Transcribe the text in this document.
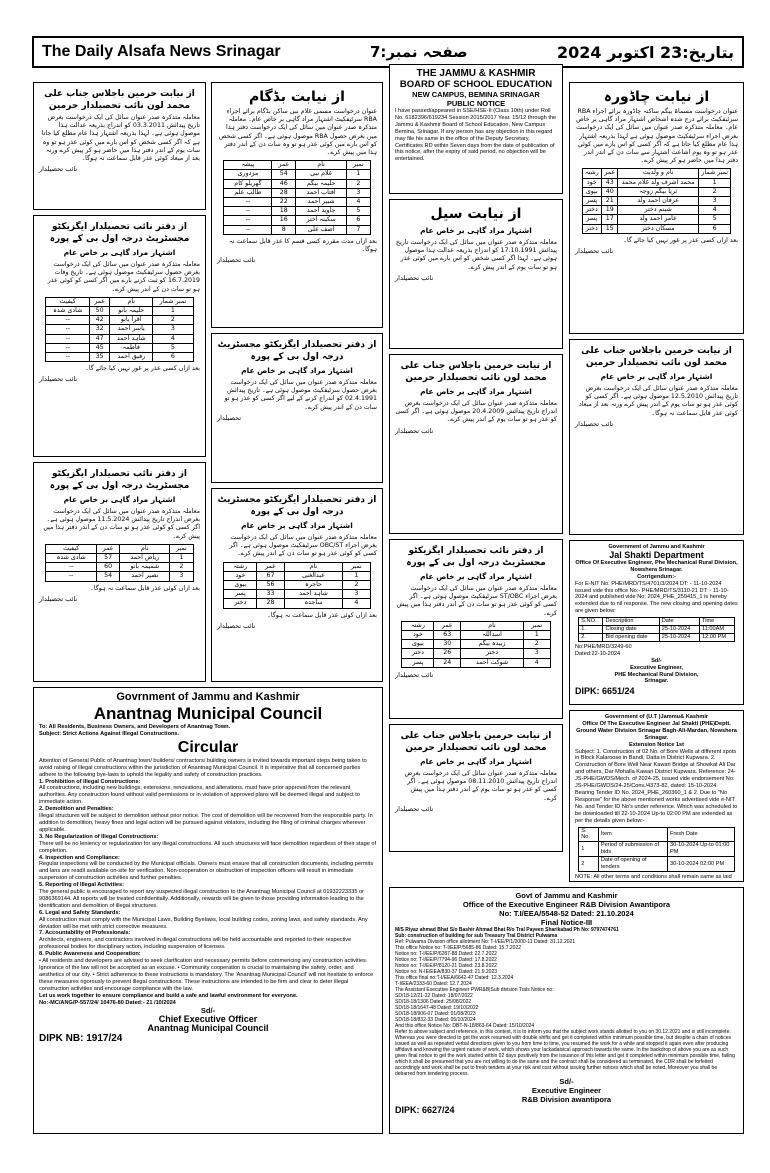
The Daily Alsafa News Srinagar	صفحہ نمبر:7	بتاریخ:23 اکتوبر 2024
از نیابت حرمین باجلاس جناب علی محمد لون نائب تحصیلدار حرمین

معاملہ متذکرہ صدر عنوان سائل کی ایک درخواست بغرض تاریخ پیدائش 03.3.2011 کو اندراج بذریعہ عدالت ہذا موصول ہوئی ہے۔ لہذا بذریعہ اشتہار ہذا عام مطلع کیا جاتا ہے کہ اگر کسی شخص کو اس بارے میں کوئی عذر ہو تو وہ سات یوم کے اندر دفتر ہذا میں حاضر ہو کر پیش کرے ورنہ بعد از میعاد کوئی عذر قابل سماعت نہ ہوگا۔

نائب تحصیلدار
از دفتر نائب تحصیلدار ایگزیکٹو مجسٹریٹ درجہ اول بی کے پورہ
اشتہار مراد گاہی بر خاص عام

معاملہ متذکرہ صدر عنوان میں سائل کی ایک درخواست بغرض حصول سرٹیفکیٹ موصول ہوئی ہے۔ تاریخ وفات 16.7.2019 کو ثبت کرنے بارے میں اگر کسی کو کوئی عذر ہو تو سات دن کے اندر پیش کرے۔

نمبر شمار	نام	عمر	کیفیت
1	حلیمہ بانو	50	شادی شدہ
2	اقرا بانو	42	--
3	یاسر احمد	32	--
4	شاہد احمد	47	--
5	فاطمہ	45	--
6	رفیق احمد	35	--

بعد ازاں کسی عذر پر غور نہیں کیا جائے گا۔

نائب تحصیلدار
از دفتر نائب تحصیلدار ایگزیکٹو مجسٹریٹ درجہ اول بی کے پورہ
اشتہار مراد گاہی بر خاص عام

معاملہ متذکرہ صدر عنوان میں سائل کی ایک درخواست بغرض اندراج تاریخ پیدائش 11.5.2024 موصول ہوئی ہے۔ اگر کسی کو کوئی عذر ہو تو سات دن کے اندر دفتر ہذا میں پیش کرے۔

نمبر	نام	عمر	کیفیت
1	ریاض احمد	57	شادی شدہ
2	شمیمہ بانو	60	--
3	نصیر احمد	54	--

بعد ازاں کوئی عذر قابل سماعت نہ ہوگا۔

نائب تحصیلدار
از نیابت بڈگام

عنوان درخواست مسمی غلام نبی ساکن بڈگام برائے اجراء RBA سرٹیفکیٹ اشتہار مراد گاہی بر خاص عام۔ معاملہ متذکرہ صدر عنوان میں سائل کی ایک درخواست دفتر ہذا میں بغرض حصول RBA موصول ہوئی ہے۔ اگر کسی شخص کو اس بارے میں کوئی عذر ہو تو وہ سات دن کے اندر دفتر ہذا میں پیش کرے۔

نمبر	نام	عمر	پیشہ
1	غلام نبی	54	مزدوری
2	حلیمہ بیگم	46	گھریلو کام
3	آفتاب احمد	28	طالب علم
4	شبیر احمد	22	--
5	جاوید احمد	18	--
6	سکینہ اختر	16	--
7	آصف علی	8	--

بعد ازاں مدت مقررہ کسی قسم کا عذر قابل سماعت نہ ہوگا۔

نائب تحصیلدار
از دفتر تحصیلدار ایگزیکٹو مجسٹریٹ درجہ اول بی کے پورہ
اشتہار مراد گاہی بر خاص عام

معاملہ متذکرہ صدر عنوان میں سائل کی ایک درخواست بغرض حصول سرٹیفکیٹ موصول ہوئی ہے۔ تاریخ پیدائش 02.4.1991 کو اندراج کرنے کے لیے اگر کسی کو عذر ہو تو سات دن کے اندر پیش کرے۔

تحصیلدار
از دفتر تحصیلدار ایگزیکٹو مجسٹریٹ درجہ اول بی کے پورہ
اشتہار مراد گاہی بر خاص عام

معاملہ متذکرہ صدر عنوان میں سائل کی ایک درخواست بغرض اجراء OBC/ST سرٹیفکیٹ موصول ہوئی ہے۔ اگر کسی کو کوئی عذر ہو تو سات دن کے اندر پیش کرے۔

نمبر	نام	عمر	رشتہ
1	عبدالغنی	67	خود
2	حاجرہ	56	بیوی
3	شاہد احمد	33	پسر
4	ساجدہ	28	دختر

بعد ازاں کوئی عذر قابل سماعت نہ ہوگا۔

نائب تحصیلدار
THE JAMMU & KASHMIR
BOARD OF SCHOOL EDUCATION
NEW CAMPUS, BEMINA SRINAGAR
PUBLIC NOTICE

I have passed/appeared in SSE/HSE-II (Class 10th) under Roll No. 6182396/619234 Session 2015/2017 Year. 15/12 through the Jammu & Kashmir Board of School Education, New Campus Bemina, Srinagar. If any person has any objection in this regard may file his same in the office of the Deputy Secretary, Certificates RD within Seven days from the date of publication of this notice, after the expiry of said period, no objection will be entertained.

از نیابت سیل
اشتہار مراد گاہی بر خاص عام

معاملہ متذکرہ صدر عنوان میں سائل کی ایک درخواست تاریخ پیدائش 17.10.1991 کو اندراج بذریعہ عدالت ہذا موصول ہوئی ہے۔ لہذا اگر کسی شخص کو اس بارے میں کوئی عذر ہو تو سات یوم کے اندر پیش کرے۔

نائب تحصیلدار
از نیابت حرمین باجلاس جناب علی محمد لون نائب تحصیلدار حرمین
اشتہار مراد گاہی بر خاص عام

معاملہ متذکرہ صدر عنوان سائل کی ایک درخواست بغرض اندراج تاریخ پیدائش 20.4.2009 موصول ہوئی ہے۔ اگر کسی کو عذر ہو تو سات یوم کے اندر پیش کرے۔

نائب تحصیلدار
از دفتر نائب تحصیلدار ایگزیکٹو مجسٹریٹ درجہ اول بی کے پورہ
اشتہار مراد گاہی بر خاص عام

معاملہ متذکرہ صدر عنوان میں سائل کی ایک درخواست بغرض اجراء ST/OBC سرٹیفکیٹ موصول ہوئی ہے۔ اگر کسی کو کوئی عذر ہو تو سات دن کے اندر دفتر ہذا میں پیش کرے۔

نمبر	نام	عمر	رشتہ
1	اسداللہ	63	خود
2	زبیدہ بیگم	30	بیوی
3	دختر	26	دختر
4	شوکت احمد	24	پسر
نائب تحصیلدار
از نیابت حرمین باجلاس جناب علی محمد لون نائب تحصیلدار حرمین
اشتہار مراد گاہی بر خاص عام

معاملہ متذکرہ صدر عنوان سائل کی ایک درخواست بغرض اندراج تاریخ پیدائش 08.11.2010 موصول ہوئی ہے۔ اگر کسی کو عذر ہو تو سات یوم کے اندر دفتر ہذا میں پیش کرے۔

نائب تحصیلدار
از نیابت چاڈورہ

عنوان درخواست مسماۃ بیگم ساکنہ چاڈورہ برائے اجراء RBA سرٹیفکیٹ برائے درج شدہ اشخاص اشتہار مراد گاہی بر خاص عام۔ معاملہ متذکرہ صدر عنوان میں سائل کی ایک درخواست بغرض اجراء سرٹیفکیٹ موصول ہوئی ہے لہذا بذریعہ اشتہار ہذا عام مطلع کیا جاتا ہے کہ اگر کسی کو اس بارے میں کوئی عذر ہو تو وہ یوم اشاعت اشتہار سے سات دن کے اندر اندر دفتر ہذا میں حاضر ہو کر پیش کرے۔

نمبر شمار	نام و ولدیت	عمر	رشتہ
1	محمد اشرف ولد غلام محمد	43	خود
2	ثریا بیگم زوجہ	40	بیوی
3	عرفان احمد ولد	21	پسر
4	شبنم دختر	19	دختر
5	عامر احمد ولد	17	پسر
6	مسکان دختر	15	دختر

بعد ازاں کسی عذر پر غور نہیں کیا جائے گا۔

نائب تحصیلدار
از نیابت حرمین باجلاس جناب علی محمد لون نائب تحصیلدار حرمین
اشتہار مراد گاہی بر خاص عام

معاملہ متذکرہ صدر عنوان سائل کی ایک درخواست بغرض تاریخ پیدائش 12.5.2010 موصول ہوئی ہے۔ اگر کسی کو کوئی عذر ہو تو سات یوم کے اندر پیش کرے ورنہ بعد از میعاد کوئی عذر قابل سماعت نہ ہوگا۔

نائب تحصیلدار
Government of Jammu and Kashmir
Jal Shakti Department
Office Of Executive Engineer, Phe Mechanical Rural Division, Nowshera Srinagar.
Corrigendum:-

For E-NIT No. PHE/MRD/TS/4701/3/2024 DT: - 11-10-2024 issued vide this office No:- PHE/MRD/TS/3110-21 DT: - 11-10-2024 and published vide No: 2024_PHE_259415_1 is hereby extended due to nil response. The new closing and opening dates are given below:

S.NO.	Description	Date	Time
1.	Closing date	25-10-2024	11:00AM
2.	Bid opening date	25-10-2024	12:00 PM
No:PHE/MRD/3249-60
Dated:22-10-2024
Sd/-
Executive Engineer,
PHE Mechanical Rural Division,
Srinagar.
DIPK: 6651/24
Government of (U.T )Jammu& Kashmir
Office Of The Executive Engineer Jal Shakti (PHE)Deptt. Ground Water Division Srinagar Bagh-Ali-Mardan, Nowshera Srinagar.
Extension Notice 1st

Subject: 1. Construction of 02 No. of Bore Wells at different spots in Block Kalaroose in Bandi, Datta in District Kupwara. 2. Construction of Bore Well Near Kawari Bridge at Showkat Ali Dar and others, Dar Mohalla Kawari District Kupwara. Reference: 24-JS-PHE/GWDS/Mech. of 2024-25, issued vide endorsement No: JS-PHE/GWDS/24-25/Conv./4373-82, dated: 15-10-2024. Bearing Tender ID No. 2024_PHE_260360_1 & 2. Due to "No Response" for the above mentioned works advertised vide e-NIT No. and Tender ID No's under reference. Which was scheduled to be downloaded till 22-10-2024 Up-to 02:00 PM are extended as per the details given below:-

S. No.	Item	Fresh Date
1	Period of submission of bids	30-10-2024 Up-to 01:00 PM
2	Date of opening of tenders	30-10-2024 02:00 PM

NOTE: All other terms and conditions shall remain same as laid

Govrnment of Jammu and Kashmir
Anantnag Municipal Council
To: All Residents, Business Owners, and Developers of Anantnag Town.
Subject: Strict Actions Against Illegal Constructions.
Circular

Attention of General Public of Anantnag town/ builders/ contractors/ building owners is invited towards important steps being taken to avoid raising of illegal constructions within the jurisdiction of Anantnag Municipal Council. It is imperative that all concerned parties adhere to the following bye-laws to uphold the legality and safety of construction practices.

1. Prohibition of Illegal Constructions:
All constructions, including new buildings, extensions, renovations, and alterations, must have prior approval from the relevant authorities. Any construction found without valid permissions or in violation of approved plans will be deemed illegal and subject to immediate action.
2. Demolition and Penalties:
Illegal structures will be subject to demolition without prior notice. The cost of demolition will be recovered from the responsible party. In addition to demolition, heavy fines and legal action will be pursued against violators, including the filing of criminal charges wherever applicable.
3. No Regularization of Illegal Constructions:
There will be no leniency or regularization for any illegal constructions. All such structures will face demolition regardless of their stage of completion.
4. Inspection and Compliance:
Regular inspections will be conducted by the Municipal officials. Owners must ensure that all construction documents, including permits and lans are readil available on-site for verification. Non-cooperation or obstruction of inspection officers will result in immediate suspension of construction activities and further penalties.
5. Reporting of Illegal Activities:
The general public is encouraged to report any suspected illegal construction to the Anantnag Municipal Council at 01932223335 or 9086369144. All reports will be treated confidentially. Additionally, rewards will be given to those providing information leading to the identification and demolition of illegal structures.
6. Legal and Safety Standards:
All construction must comply with the Municipal Laws, Building Byelaws, local building codes, zoning laws, and safety standards. Any deviation will be met with strict corrective measures.
7. Accountability of Professionals:
Architects, engineers, and contractors involved in illegal constructions will be held accountable and reported to their respective professional bodies for disciplinary action, including suspension of licenses.
8. Public Awareness and Cooperation:
• All residents and developers are advised to seek clarification and necessary permits before commencing any construction activities. Ignorance of the law will not be accepted as an excuse. • Community cooperation is crucial to maintaining the safety, order, and aesthetics of our city. • Strict adherence to these instructions is mandatory. The 'Anantnag Municipal Council' will not hesitate to enforce these measures rigorously to prevent illegal constructions. These instructions are intended to be firm and clear to deter illegal construction activities and encourage compliance with the law.
Let us work together to ensure compliance and build a safe and lawful environment for everyone.
No:-MC/ANG/P-557/24/ 10476-80 Dated:- 21 /10/2024
Sd/-
Chief Executive Officer
Anantnag Municipal Council
DIPK NB: 1917/24
Govt of Jammu and Kashmir
Office of the Executive Engineer R&B Division Awantipora
No: T.I/EEA/5548-52 Dated: 21.10.2024
Final Notice-III
M/S Riyaz ahmad Bhat S/o Bashir Ahmad Bhat R/o Tral Payeen Sharikabad Ph No: 9797474761
Sub: construction of building for sub Treasury Tral District Pulwama
Ref: Pulwama Division office allotment No: T-I/EE/P/1/2000-11 Dated: 31.12.2021
This office Notice no: T-I/EE/P/5685-86 Dated: 15.7.2022
Notice no: T-I/EE/P/6287-88 Dated: 22.7.2022
Notice no: T-I/EE/P/7794-96 Dated: 17.8.2022
Notice no: T-I/EE/P/8120-21 Dated: 23.8.2022
Notice no: N-IE/EEA/830-37 Dated: 21.9.2023
This office final no:T-I/EEA/6642-47 Dated: 12.3.2024
T-I/EEA/2333-60 Dated: 12.7.2024
The Assistant Executive Engineer PWR&B|Sub division Trals Notice no:
SD/18-12/21-22 Dated: 18/07/2022
SD/18-18/1306 Dated: 25/08/2022
SD/18-18/1647-48 Dated: 19/10/2022
SD/18-18/906-07 Dated: 01/08/2023
SD/18-18/832-33 Dated: 05/10/2024
And this office Notice No: DBT-N-18/863-64 Dated: 15/10/2024

Refer to above subject and reference, in this context, it is to inform you that the subject work stands allotted to you on 30.12.2021 and is still incomplete. Whereas you were directed to get the work resumed with double shifts and get it completed within minimum possible time, but despite a chain of notices issued as well as repeated verbal directions given to you from time to time, you resumed the work for a while and stopped it again even after producing affidavit and knowing the urgent nature of work, which shows your lackadaisical approach towards the same. In the backdrop of above you are as such given final notice to get the work started within 02 days positively from the issuance of this letter and get it completed within minimum possible time, failing which it shall be presumed that you are not willing to do the same and the contract shall be considered as terminated, the CDR shall be forfeited accordingly and work shall be put to fresh tenders at your risk and cost without issuing further notices which shall be noted. Moreover you shall be debarred from tendering process.

Sd/-
Executive Engineer
R&B Division awantipora
DIPK: 6627/24
